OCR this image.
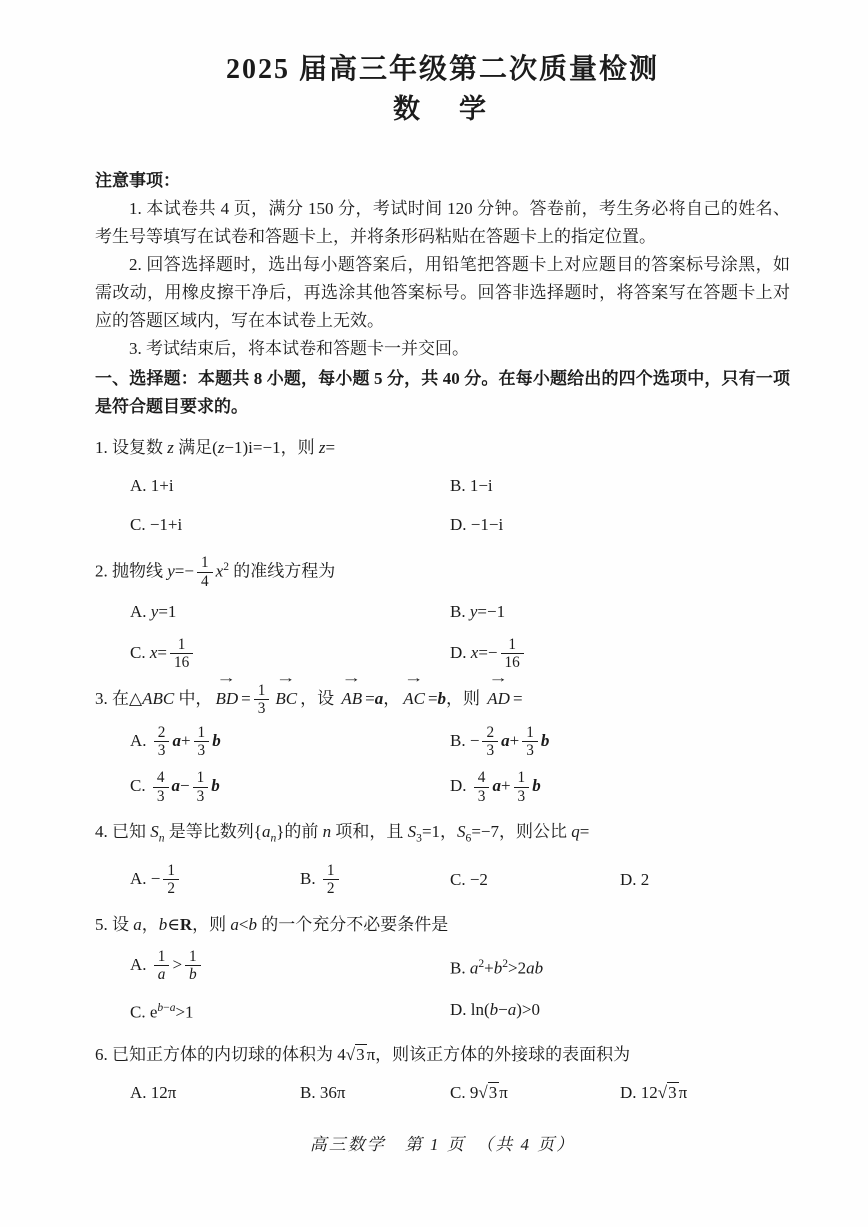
2025 届高三年级第二次质量检测
数　学

注意事项：

1. 本试卷共 4 页，满分 150 分，考试时间 120 分钟。答卷前，考生务必将自己的姓名、考生号等填写在试卷和答题卡上，并将条形码粘贴在答题卡上的指定位置。

2. 回答选择题时，选出每小题答案后，用铅笔把答题卡上对应题目的答案标号涂黑，如需改动，用橡皮擦干净后，再选涂其他答案标号。回答非选择题时，将答案写在答题卡上对应的答题区域内，写在本试卷上无效。

3. 考试结束后，将本试卷和答题卡一并交回。

一、选择题：本题共 8 小题，每小题 5 分，共 40 分。在每小题给出的四个选项中，只有一项是符合题目要求的。

1. 设复数 z 满足(z−1)i=−1，则 z=

A. 1+i	B. 1−i
C. −1+i	D. −1−i

2. 抛物线 $y=- \frac{1}{4} x^2$ 的准线方程为

A. y=1	B. y=−1
C. $x= \frac{1}{16}$	D. $x=- \frac{1}{16}$

3. 在△ABC 中，
→
BD = $\frac{1}{3}$
→
BC ，设
→
AB =a，
→
AC =b，则
→
AD =

A. $\frac{2}{3} a+ \frac{1}{3}$ b	B. − $\frac{2}{3} a+ \frac{1}{3}$ b
C. $\frac{4}{3} a- \frac{1}{3}$ b	D. $\frac{4}{3} a+ \frac{1}{3}$ b

4. 已知 $S_n$ 是等比数列$\{a_n\}$的前 n 项和，且 $S_3=1$，$S_6=-7$，则公比 q=

A. − $\frac{1}{2}$	B. $\frac{1}{2}$	C. −2	D. 2

5. 设 a，b∈R，则 a<b 的一个充分不必要条件是

A. $\frac{1}{a} > \frac{1}{b}$	B. $a^2+b^2>2ab$
C. $e^{b-a}>1$	D. ln(b−a)>0

6. 已知正方体的内切球的体积为 4√3 π，则该正方体的外接球的表面积为

A. 12π	B. 36π	C. 9√3 π	D. 12√3 π
高三数学　第 1 页　（共 4 页）
